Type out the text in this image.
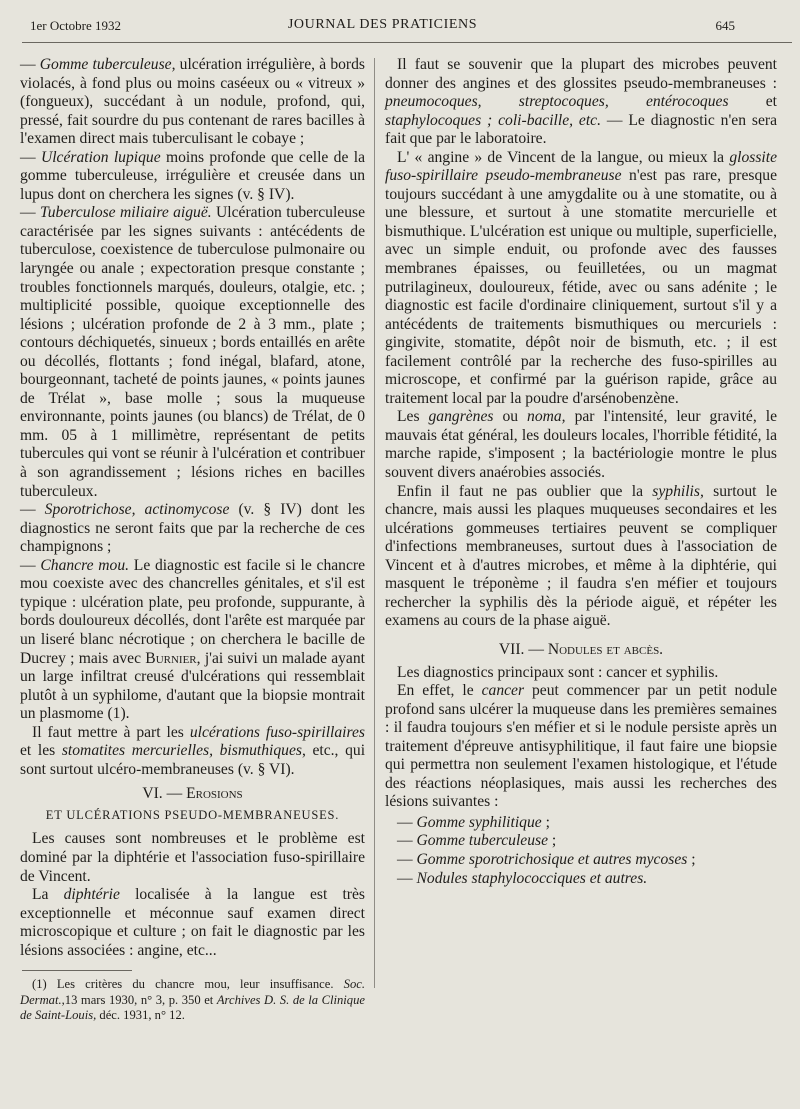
1er Octobre 1932	JOURNAL DES PRATICIENS	645

— Gomme tuberculeuse, ulcération irrégulière, à bords violacés, à fond plus ou moins caséeux ou « vitreux » (fongueux), succédant à un nodule, profond, qui, pressé, fait sourdre du pus contenant de rares bacilles à l'examen direct mais tuberculisant le cobaye ;

— Ulcération lupique moins profonde que celle de la gomme tuberculeuse, irrégulière et creusée dans un lupus dont on cherchera les signes (v. § IV).

— Tuberculose miliaire aiguë. Ulcération tuberculeuse caractérisée par les signes suivants : antécédents de tuberculose, coexistence de tuberculose pulmonaire ou laryngée ou anale ; expectoration presque constante ; troubles fonctionnels marqués, douleurs, otalgie, etc. ; multiplicité possible, quoique exceptionnelle des lésions ; ulcération profonde de 2 à 3 mm., plate ; contours déchiquetés, sinueux ; bords entaillés en arête ou décollés, flottants ; fond inégal, blafard, atone, bourgeonnant, tacheté de points jaunes, « points jaunes de Trélat », base molle ; sous la muqueuse environnante, points jaunes (ou blancs) de Trélat, de 0 mm. 05 à 1 millimètre, représentant de petits tubercules qui vont se réunir à l'ulcération et contribuer à son agrandissement ; lésions riches en bacilles tuberculeux.

— Sporotrichose, actinomycose (v. § IV) dont les diagnostics ne seront faits que par la recherche de ces champignons ;

— Chancre mou. Le diagnostic est facile si le chancre mou coexiste avec des chancrelles génitales, et s'il est typique : ulcération plate, peu profonde, suppurante, à bords douloureux décollés, dont l'arête est marquée par un liseré blanc nécrotique ; on cherchera le bacille de Ducrey ; mais avec Burnier, j'ai suivi un malade ayant un large infiltrat creusé d'ulcérations qui ressemblait plutôt à un syphilome, d'autant que la biopsie montrait un plasmome (1).

Il faut mettre à part les ulcérations fuso-spirillaires et les stomatites mercurielles, bismuthiques, etc., qui sont surtout ulcéro-membraneuses (v. § VI).

VI. — Erosions
ET ULCÉRATIONS PSEUDO-MEMBRANEUSES.

Les causes sont nombreuses et le problème est dominé par la diphtérie et l'association fuso-spirillaire de Vincent.

La diphtérie localisée à la langue est très exceptionnelle et méconnue sauf examen direct microscopique et culture ; on fait le diagnostic par les lésions associées : angine, etc...

(1) Les critères du chancre mou, leur insuffisance. Soc. Dermat.,13 mars 1930, n° 3, p. 350 et Archives D. S. de la Clinique de Saint-Louis, déc. 1931, n° 12.

Il faut se souvenir que la plupart des microbes peuvent donner des angines et des glossites pseudo-membraneuses : pneumocoques, streptocoques, entérocoques et staphylocoques ; coli-bacille, etc. — Le diagnostic n'en sera fait que par le laboratoire.

L' « angine » de Vincent de la langue, ou mieux la glossite fuso-spirillaire pseudo-membraneuse n'est pas rare, presque toujours succédant à une amygdalite ou à une stomatite, ou à une blessure, et surtout à une stomatite mercurielle et bismuthique. L'ulcération est unique ou multiple, superficielle, avec un simple enduit, ou profonde avec des fausses membranes épaisses, ou feuilletées, ou un magmat putrilagineux, douloureux, fétide, avec ou sans adénite ; le diagnostic est facile d'ordinaire cliniquement, surtout s'il y a antécédents de traitements bismuthiques ou mercuriels : gingivite, stomatite, dépôt noir de bismuth, etc. ; il est facilement contrôlé par la recherche des fuso-spirilles au microscope, et confirmé par la guérison rapide, grâce au traitement local par la poudre d'arsénobenzène.

Les gangrènes ou noma, par l'intensité, leur gravité, le mauvais état général, les douleurs locales, l'horrible fétidité, la marche rapide, s'imposent ; la bactériologie montre le plus souvent divers anaérobies associés.

Enfin il faut ne pas oublier que la syphilis, surtout le chancre, mais aussi les plaques muqueuses secondaires et les ulcérations gommeuses tertiaires peuvent se compliquer d'infections membraneuses, surtout dues à l'association de Vincent et à d'autres microbes, et même à la diphtérie, qui masquent le tréponème ; il faudra s'en méfier et toujours rechercher la syphilis dès la période aiguë, et répéter les examens au cours de la phase aiguë.

VII. — Nodules et abcès.

Les diagnostics principaux sont : cancer et syphilis.

En effet, le cancer peut commencer par un petit nodule profond sans ulcérer la muqueuse dans les premières semaines : il faudra toujours s'en méfier et si le nodule persiste après un traitement d'épreuve antisyphilitique, il faut faire une biopsie qui permettra non seulement l'examen histologique, et l'étude des réactions néoplasiques, mais aussi les recherches des lésions suivantes :

— Gomme syphilitique ;
— Gomme tuberculeuse ;
— Gomme sporotrichosique et autres mycoses ;
— Nodules staphylococciques et autres.
